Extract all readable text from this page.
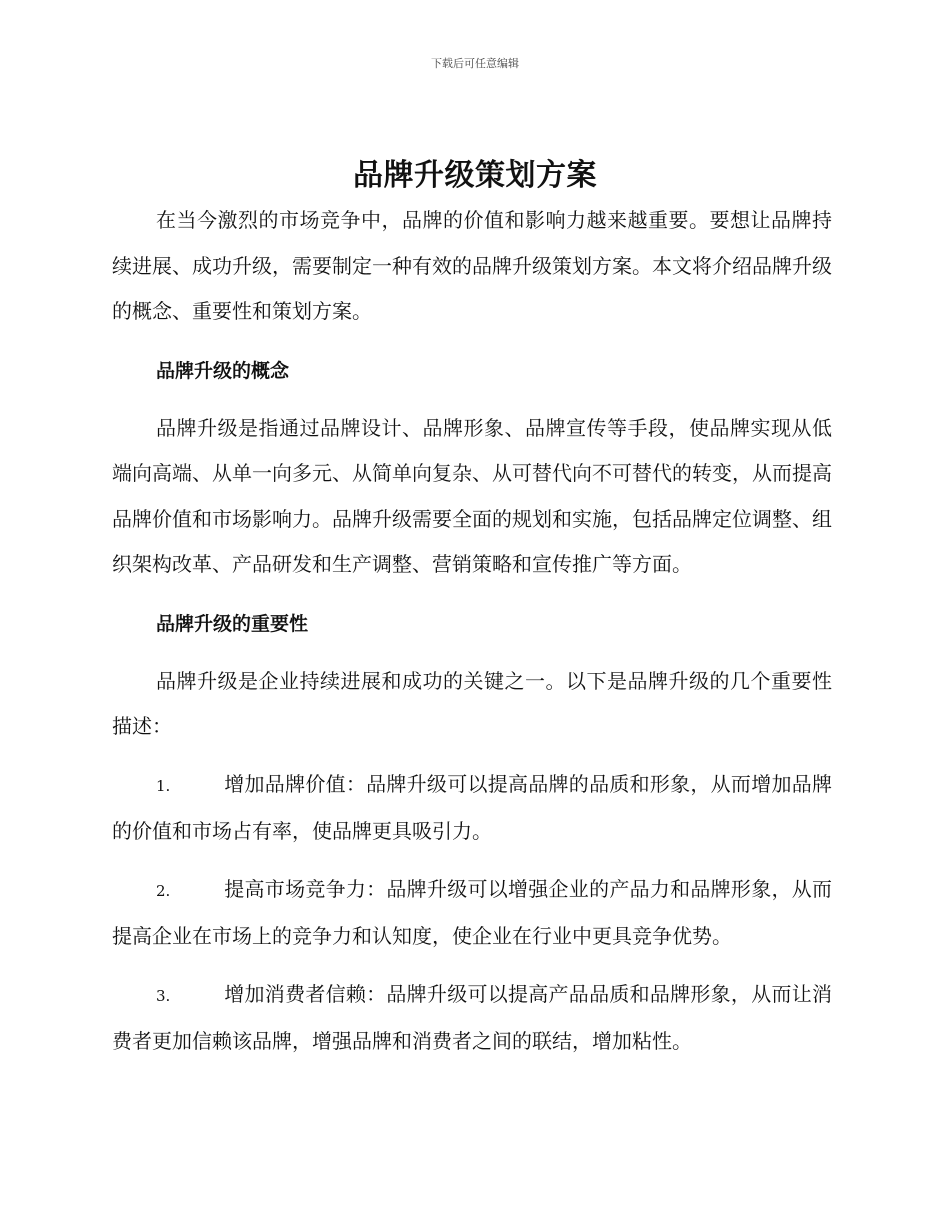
下载后可任意编辑
品牌升级策划方案

在当今激烈的市场竞争中，品牌的价值和影响力越来越重要。要想让品牌持续进展、成功升级，需要制定一种有效的品牌升级策划方案。本文将介绍品牌升级的概念、重要性和策划方案。

品牌升级的概念

品牌升级是指通过品牌设计、品牌形象、品牌宣传等手段，使品牌实现从低端向高端、从单一向多元、从简单向复杂、从可替代向不可替代的转变，从而提高品牌价值和市场影响力。品牌升级需要全面的规划和实施，包括品牌定位调整、组织架构改革、产品研发和生产调整、营销策略和宣传推广等方面。

品牌升级的重要性

品牌升级是企业持续进展和成功的关键之一。以下是品牌升级的几个重要性描述：

1.	增加品牌价值：品牌升级可以提高品牌的品质和形象，从而增加品牌的价值和市场占有率，使品牌更具吸引力。

2.	提高市场竞争力：品牌升级可以增强企业的产品力和品牌形象，从而提高企业在市场上的竞争力和认知度，使企业在行业中更具竞争优势。

3.	增加消费者信赖：品牌升级可以提高产品品质和品牌形象，从而让消费者更加信赖该品牌，增强品牌和消费者之间的联结，增加粘性。
